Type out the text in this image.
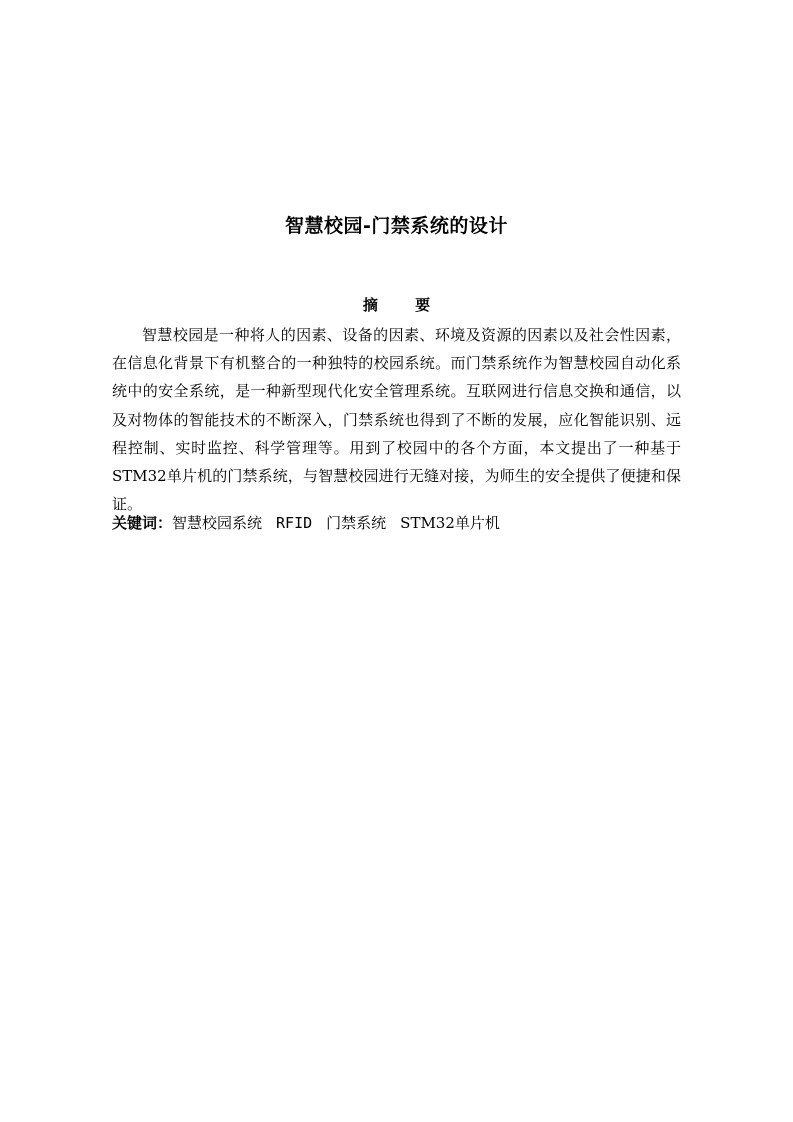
智慧校园-门禁系统的设计
摘 要

智慧校园是一种将人的因素、设备的因素、环境及资源的因素以及社会性因素，在信息化背景下有机整合的一种独特的校园系统。而门禁系统作为智慧校园自动化系统中的安全系统，是一种新型现代化安全管理系统。互联网进行信息交换和通信，以及对物体的智能技术的不断深入，门禁系统也得到了不断的发展，应化智能识别、远程控制、实时监控、科学管理等。用到了校园中的各个方面，本文提出了一种基于STM32单片机的门禁系统，与智慧校园进行无缝对接，为师生的安全提供了便捷和保证。

关键词：智慧校园系统 RFID 门禁系统 STM32单片机
